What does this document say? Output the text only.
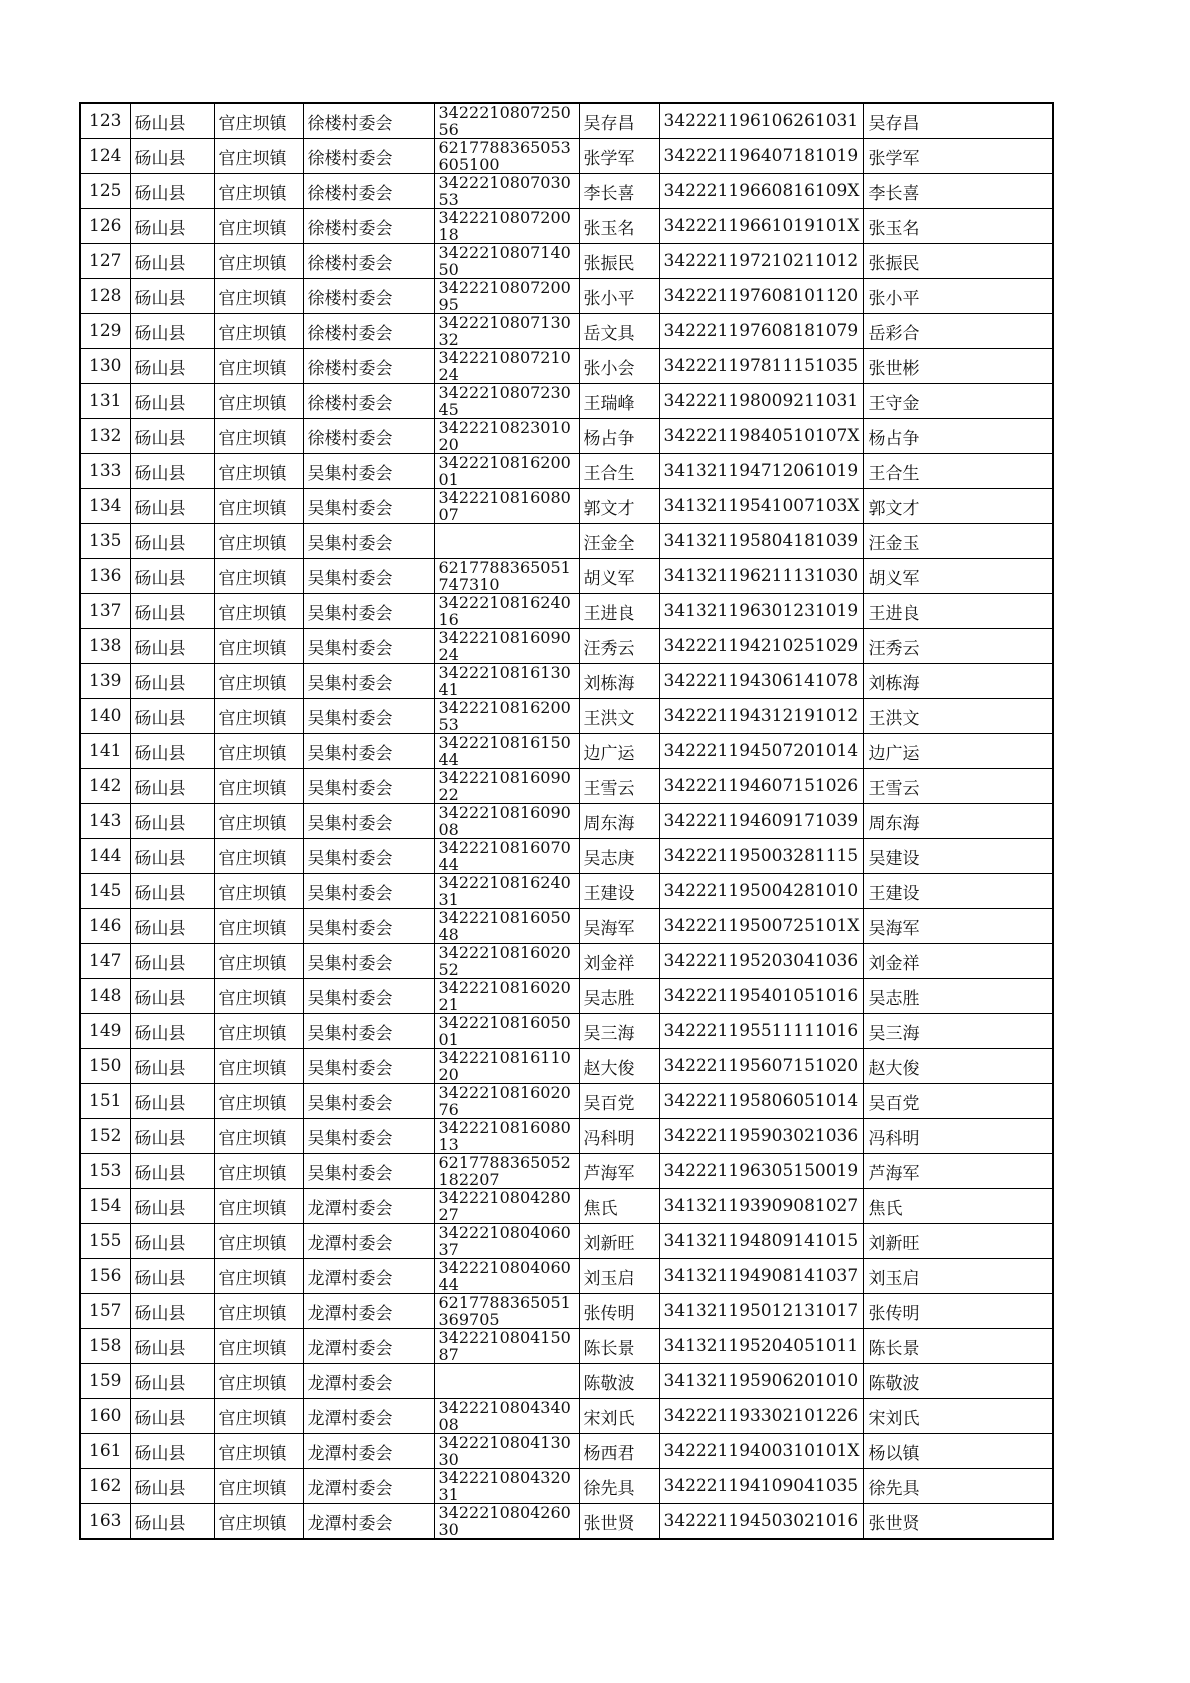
123	砀山县	官庄坝镇	徐楼村委会	342221080725056	吴存昌	342221196106261031	吴存昌
124	砀山县	官庄坝镇	徐楼村委会	6217788365053605100	张学军	342221196407181019	张学军
125	砀山县	官庄坝镇	徐楼村委会	342221080703053	李长喜	34222119660816109X	李长喜
126	砀山县	官庄坝镇	徐楼村委会	342221080720018	张玉名	34222119661019101X	张玉名
127	砀山县	官庄坝镇	徐楼村委会	342221080714050	张振民	342221197210211012	张振民
128	砀山县	官庄坝镇	徐楼村委会	342221080720095	张小平	342221197608101120	张小平
129	砀山县	官庄坝镇	徐楼村委会	342221080713032	岳文具	342221197608181079	岳彩合
130	砀山县	官庄坝镇	徐楼村委会	342221080721024	张小会	342221197811151035	张世彬
131	砀山县	官庄坝镇	徐楼村委会	342221080723045	王瑞峰	342221198009211031	王守金
132	砀山县	官庄坝镇	徐楼村委会	342221082301020	杨占争	34222119840510107X	杨占争
133	砀山县	官庄坝镇	吴集村委会	342221081620001	王合生	341321194712061019	王合生
134	砀山县	官庄坝镇	吴集村委会	342221081608007	郭文才	34132119541007103X	郭文才
135	砀山县	官庄坝镇	吴集村委会		汪金全	341321195804181039	汪金玉
136	砀山县	官庄坝镇	吴集村委会	6217788365051747310	胡义军	341321196211131030	胡义军
137	砀山县	官庄坝镇	吴集村委会	342221081624016	王进良	341321196301231019	王进良
138	砀山县	官庄坝镇	吴集村委会	342221081609024	汪秀云	342221194210251029	汪秀云
139	砀山县	官庄坝镇	吴集村委会	342221081613041	刘栋海	342221194306141078	刘栋海
140	砀山县	官庄坝镇	吴集村委会	342221081620053	王洪文	342221194312191012	王洪文
141	砀山县	官庄坝镇	吴集村委会	342221081615044	边广运	342221194507201014	边广运
142	砀山县	官庄坝镇	吴集村委会	342221081609022	王雪云	342221194607151026	王雪云
143	砀山县	官庄坝镇	吴集村委会	342221081609008	周东海	342221194609171039	周东海
144	砀山县	官庄坝镇	吴集村委会	342221081607044	吴志庚	342221195003281115	吴建设
145	砀山县	官庄坝镇	吴集村委会	342221081624031	王建设	342221195004281010	王建设
146	砀山县	官庄坝镇	吴集村委会	342221081605048	吴海军	34222119500725101X	吴海军
147	砀山县	官庄坝镇	吴集村委会	342221081602052	刘金祥	342221195203041036	刘金祥
148	砀山县	官庄坝镇	吴集村委会	342221081602021	吴志胜	342221195401051016	吴志胜
149	砀山县	官庄坝镇	吴集村委会	342221081605001	吴三海	342221195511111016	吴三海
150	砀山县	官庄坝镇	吴集村委会	342221081611020	赵大俊	342221195607151020	赵大俊
151	砀山县	官庄坝镇	吴集村委会	342221081602076	吴百党	342221195806051014	吴百党
152	砀山县	官庄坝镇	吴集村委会	342221081608013	冯科明	342221195903021036	冯科明
153	砀山县	官庄坝镇	吴集村委会	6217788365052182207	芦海军	342221196305150019	芦海军
154	砀山县	官庄坝镇	龙潭村委会	342221080428027	焦氏	341321193909081027	焦氏
155	砀山县	官庄坝镇	龙潭村委会	342221080406037	刘新旺	341321194809141015	刘新旺
156	砀山县	官庄坝镇	龙潭村委会	342221080406044	刘玉启	341321194908141037	刘玉启
157	砀山县	官庄坝镇	龙潭村委会	6217788365051369705	张传明	341321195012131017	张传明
158	砀山县	官庄坝镇	龙潭村委会	342221080415087	陈长景	341321195204051011	陈长景
159	砀山县	官庄坝镇	龙潭村委会		陈敬波	341321195906201010	陈敬波
160	砀山县	官庄坝镇	龙潭村委会	342221080434008	宋刘氏	342221193302101226	宋刘氏
161	砀山县	官庄坝镇	龙潭村委会	342221080413030	杨西君	34222119400310101X	杨以镇
162	砀山县	官庄坝镇	龙潭村委会	342221080432031	徐先具	342221194109041035	徐先具
163	砀山县	官庄坝镇	龙潭村委会	342221080426030	张世贤	342221194503021016	张世贤
